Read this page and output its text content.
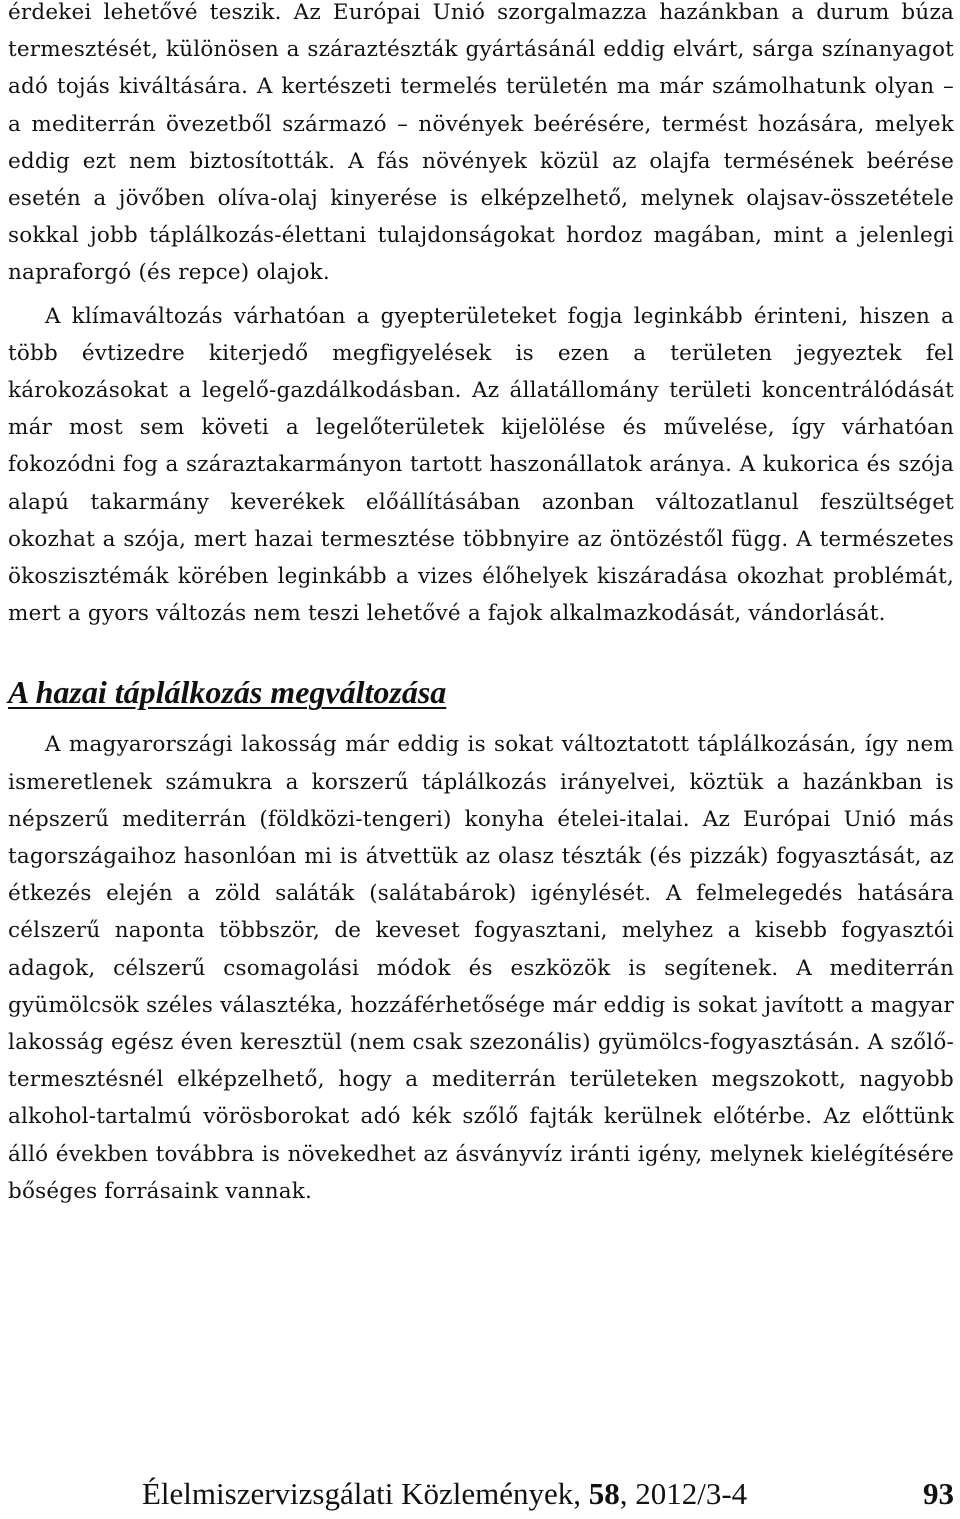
érdekei lehetővé teszik. Az Európai Unió szorgalmazza hazánkban a durum búza termesztését, különösen a száraztészták gyártásánál eddig elvárt, sárga színanyagot adó tojás kiváltására. A kertészeti termelés területén ma már számolhatunk olyan – a mediterrán övezetből származó – növények beérésére, termést hozására, melyek eddig ezt nem biztosították. A fás növények közül az olajfa termésének beérése esetén a jövőben olíva-olaj kinyerése is elképzelhető, melynek olajsav-összetétele sokkal jobb táplálkozás-élettani tulajdonságokat hordoz magában, mint a jelenlegi napraforgó (és repce) olajok.

A klímaváltozás várhatóan a gyepterületeket fogja leginkább érinteni, hiszen a több évtizedre kiterjedő megfigyelések is ezen a területen jegyeztek fel károkozásokat a legelő-gazdálkodásban. Az állatállomány területi koncentrálódását már most sem követi a legelőterületek kijelölése és művelése, így várhatóan fokozódni fog a száraztakarmányon tartott haszonállatok aránya. A kukorica és szója alapú takarmány keverékek előállításában azonban változatlanul feszültséget okozhat a szója, mert hazai termesztése többnyire az öntözéstől függ. A természetes ökoszisztémák körében leginkább a vizes élőhelyek kiszáradása okozhat problémát, mert a gyors változás nem teszi lehetővé a fajok alkalmazkodását, vándorlását.

A hazai táplálkozás megváltozása

A magyarországi lakosság már eddig is sokat változtatott táplálkozásán, így nem ismeretlenek számukra a korszerű táplálkozás irányelvei, köztük a hazánkban is népszerű mediterrán (földközi-tengeri) konyha ételei-italai. Az Európai Unió más tagországaihoz hasonlóan mi is átvettük az olasz tészták (és pizzák) fogyasztását, az étkezés elején a zöld saláták (salátabárok) igénylését. A felmelegedés hatására célszerű naponta többször, de keveset fogyasztani, melyhez a kisebb fogyasztói adagok, célszerű csomagolási módok és eszközök is segítenek. A mediterrán gyümölcsök széles választéka, hozzáférhetősége már eddig is sokat javított a magyar lakosság egész éven keresztül (nem csak szezonális) gyümölcs-fogyasztásán. A szőlő-termesztésnél elképzelhető, hogy a mediterrán területeken megszokott, nagyobb alkohol-tartalmú vörösborokat adó kék szőlő fajták kerülnek előtérbe. Az előttünk álló években továbbra is növekedhet az ásványvíz iránti igény, melynek kielégítésére bőséges forrásaink vannak.

Élelmiszervizsgálati Közlemények, 58, 2012/3-4	93
